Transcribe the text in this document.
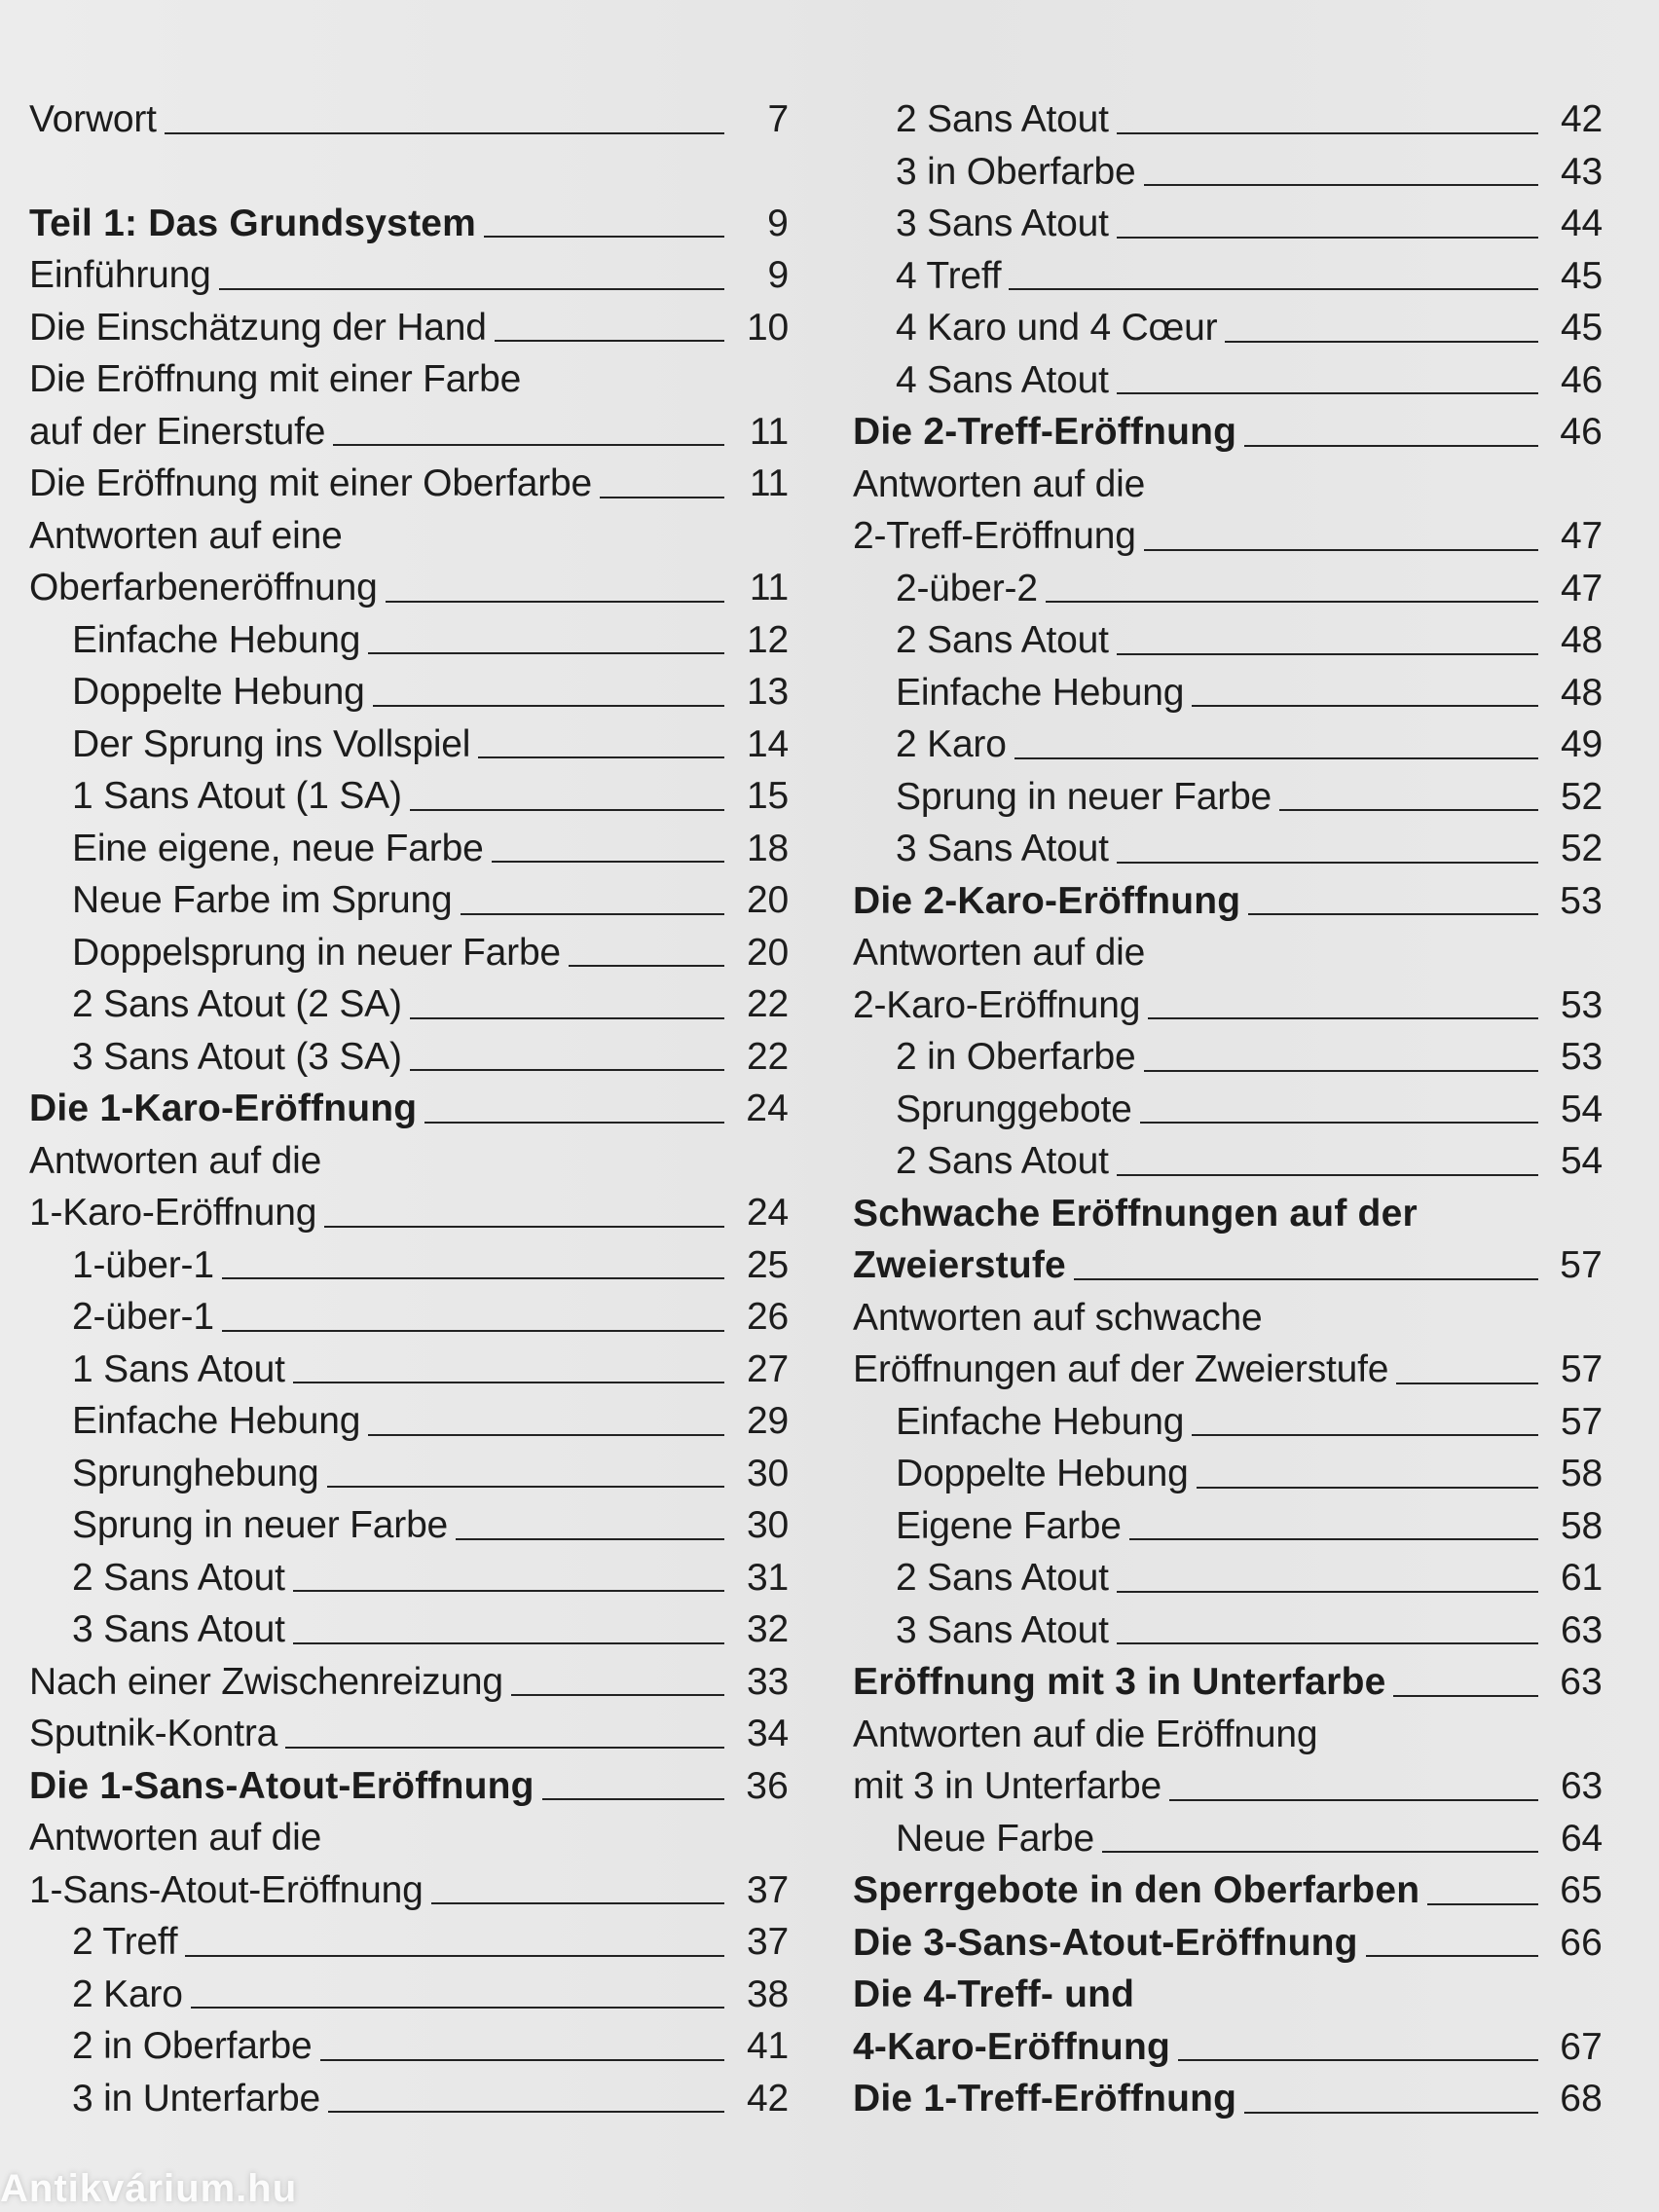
Vorwort	7
Teil 1: Das Grundsystem	9
Einführung	9
Die Einschätzung der Hand	10
Die Eröffnung mit einer Farbe
auf der Einerstufe	11
Die Eröffnung mit einer Oberfarbe	11
Antworten auf eine
Oberfarbeneröffnung	11
Einfache Hebung	12
Doppelte Hebung	13
Der Sprung ins Vollspiel	14
1 Sans Atout (1 SA)	15
Eine eigene, neue Farbe	18
Neue Farbe im Sprung	20
Doppelsprung in neuer Farbe	20
2 Sans Atout (2 SA)	22
3 Sans Atout (3 SA)	22
Die 1-Karo-Eröffnung	24
Antworten auf die
1-Karo-Eröffnung	24
1-über-1	25
2-über-1	26
1 Sans Atout	27
Einfache Hebung	29
Sprunghebung	30
Sprung in neuer Farbe	30
2 Sans Atout	31
3 Sans Atout	32
Nach einer Zwischenreizung	33
Sputnik-Kontra	34
Die 1-Sans-Atout-Eröffnung	36
Antworten auf die
1-Sans-Atout-Eröffnung	37
2 Treff	37
2 Karo	38
2 in Oberfarbe	41
3 in Unterfarbe	42
2 Sans Atout	42
3 in Oberfarbe	43
3 Sans Atout	44
4 Treff	45
4 Karo und 4 Cœur	45
4 Sans Atout	46
Die 2-Treff-Eröffnung	46
Antworten auf die
2-Treff-Eröffnung	47
2-über-2	47
2 Sans Atout	48
Einfache Hebung	48
2 Karo	49
Sprung in neuer Farbe	52
3 Sans Atout	52
Die 2-Karo-Eröffnung	53
Antworten auf die
2-Karo-Eröffnung	53
2 in Oberfarbe	53
Sprunggebote	54
2 Sans Atout	54
Schwache Eröffnungen auf der
Zweierstufe	57
Antworten auf schwache
Eröffnungen auf der Zweierstufe	57
Einfache Hebung	57
Doppelte Hebung	58
Eigene Farbe	58
2 Sans Atout	61
3 Sans Atout	63
Eröffnung mit 3 in Unterfarbe	63
Antworten auf die Eröffnung
mit 3 in Unterfarbe	63
Neue Farbe	64
Sperrgebote in den Oberfarben	65
Die 3-Sans-Atout-Eröffnung	66
Die 4-Treff- und
4-Karo-Eröffnung	67
Die 1-Treff-Eröffnung	68
Antikvárium.hu
